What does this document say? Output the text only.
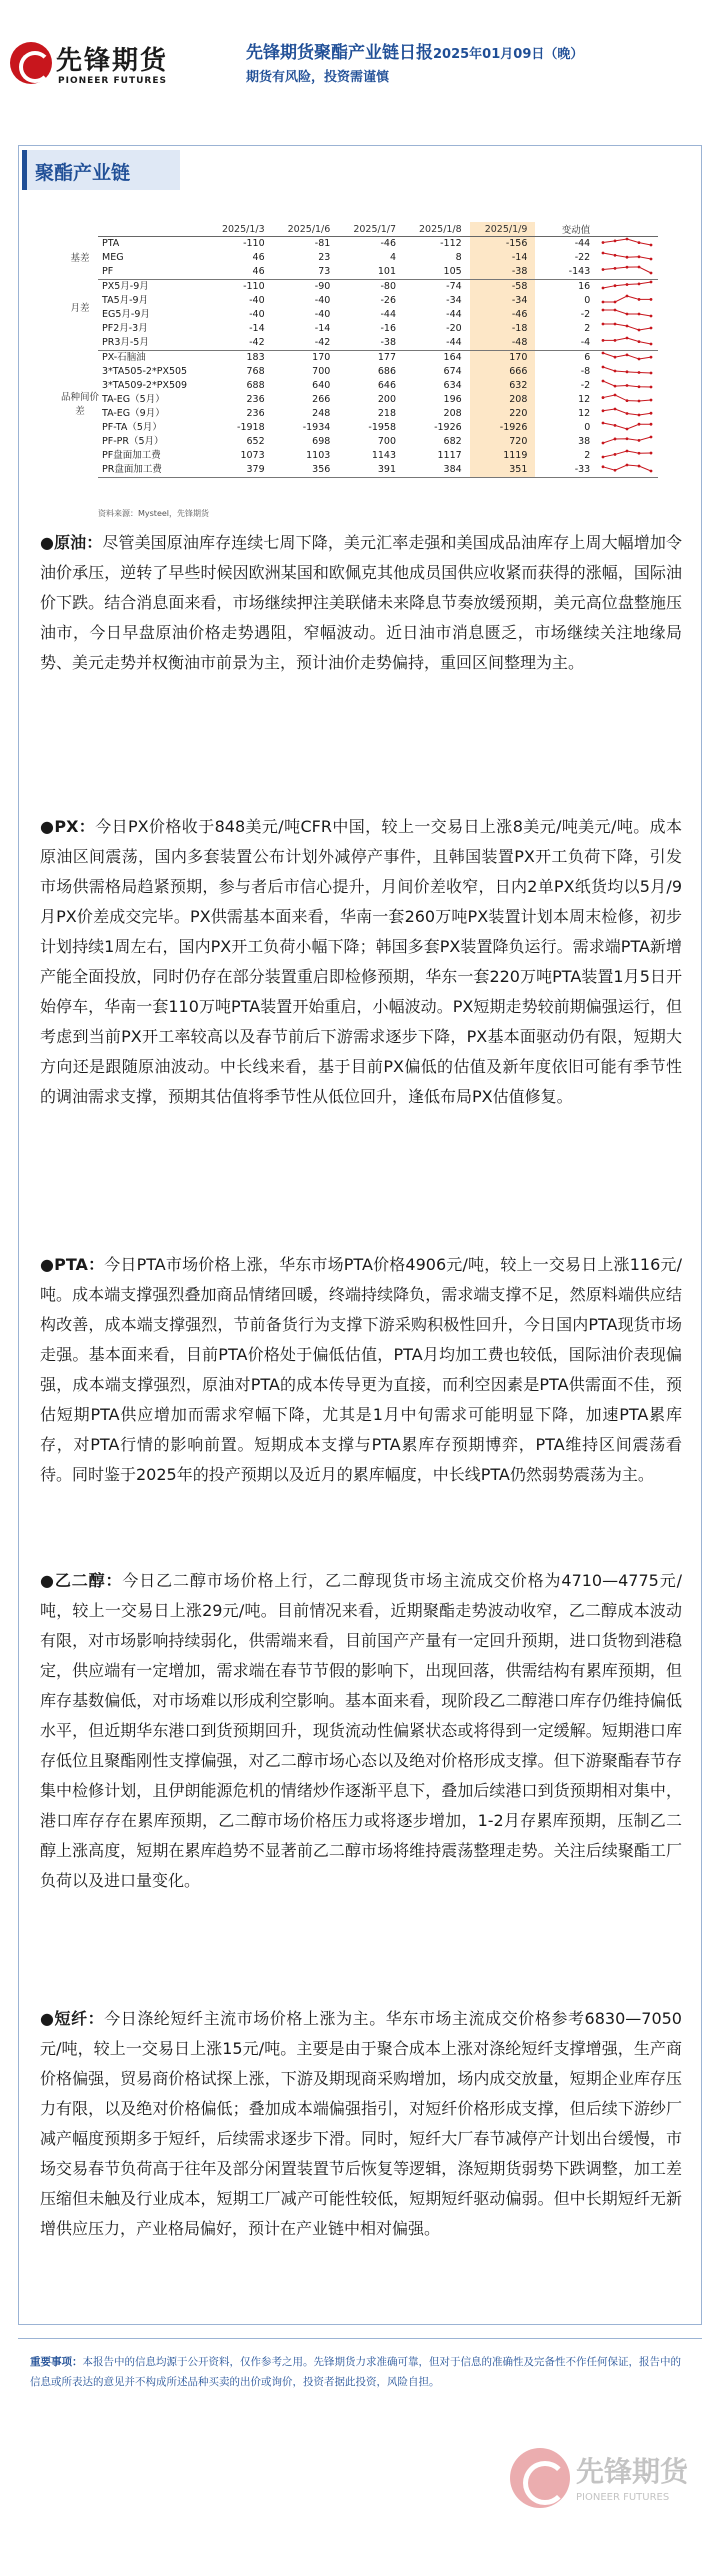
先锋期货
PIONEER FUTURES
先锋期货聚酯产业链日报2025年01月09日（晚）
期货有风险，投资需谨慎
聚酯产业链
基差
月差
品种间价差
	2025/1/3	2025/1/6	2025/1/7	2025/1/8	2025/1/9	变动值	
PTA	-110	-81	-46	-112	-156	-44	
MEG	46	23	4	8	-14	-22	
PF	46	73	101	105	-38	-143	
PX5月-9月	-110	-90	-80	-74	-58	16	
TA5月-9月	-40	-40	-26	-34	-34	0	
EG5月-9月	-40	-40	-44	-44	-46	-2	
PF2月-3月	-14	-14	-16	-20	-18	2	
PR3月-5月	-42	-42	-38	-44	-48	-4	
PX-石脑油	183	170	177	164	170	6	
3*TA505-2*PX505	768	700	686	674	666	-8	
3*TA509-2*PX509	688	640	646	634	632	-2	
TA-EG（5月）	236	266	200	196	208	12	
TA-EG（9月）	236	248	218	208	220	12	
PF-TA（5月）	-1918	-1934	-1958	-1926	-1926	0	
PF-PR（5月）	652	698	700	682	720	38	
PF盘面加工费	1073	1103	1143	1117	1119	2	
PR盘面加工费	379	356	391	384	351	-33	
资料来源：Mysteel，先锋期货
●原油：尽管美国原油库存连续七周下降，美元汇率走强和美国成品油库存上周大幅增加令油价承压，逆转了早些时候因欧洲某国和欧佩克其他成员国供应收紧而获得的涨幅，国际油价下跌。结合消息面来看，市场继续押注美联储未来降息节奏放缓预期，美元高位盘整施压油市，今日早盘原油价格走势遇阻，窄幅波动。近日油市消息匮乏，市场继续关注地缘局势、美元走势并权衡油市前景为主，预计油价走势偏持，重回区间整理为主。
●PX：今日PX价格收于848美元/吨CFR中国，较上一交易日上涨8美元/吨美元/吨。成本原油区间震荡，国内多套装置公布计划外减停产事件，且韩国装置PX开工负荷下降，引发市场供需格局趋紧预期，参与者后市信心提升，月间价差收窄，日内2单PX纸货均以5月/9月PX价差成交完毕。PX供需基本面来看，华南一套260万吨PX装置计划本周末检修，初步计划持续1周左右，国内PX开工负荷小幅下降；韩国多套PX装置降负运行。需求端PTA新增产能全面投放，同时仍存在部分装置重启即检修预期，华东一套220万吨PTA装置1月5日开始停车，华南一套110万吨PTA装置开始重启，小幅波动。PX短期走势较前期偏强运行，但考虑到当前PX开工率较高以及春节前后下游需求逐步下降，PX基本面驱动仍有限，短期大方向还是跟随原油波动。中长线来看，基于目前PX偏低的估值及新年度依旧可能有季节性的调油需求支撑，预期其估值将季节性从低位回升，逢低布局PX估值修复。
●PTA：今日PTA市场价格上涨，华东市场PTA价格4906元/吨，较上一交易日上涨116元/吨。成本端支撑强烈叠加商品情绪回暖，终端持续降负，需求端支撑不足，然原料端供应结构改善，成本端支撑强烈，节前备货行为支撑下游采购积极性回升，今日国内PTA现货市场走强。基本面来看，目前PTA价格处于偏低估值，PTA月均加工费也较低，国际油价表现偏强，成本端支撑强烈，原油对PTA的成本传导更为直接，而利空因素是PTA供需面不佳，预估短期PTA供应增加而需求窄幅下降，尤其是1月中旬需求可能明显下降，加速PTA累库存，对PTA行情的影响前置。短期成本支撑与PTA累库存预期博弈，PTA维持区间震荡看待。同时鉴于2025年的投产预期以及近月的累库幅度，中长线PTA仍然弱势震荡为主。
●乙二醇：今日乙二醇市场价格上行，乙二醇现货市场主流成交价格为4710—4775元/吨，较上一交易日上涨29元/吨。目前情况来看，近期聚酯走势波动收窄，乙二醇成本波动有限，对市场影响持续弱化，供需端来看，目前国产产量有一定回升预期，进口货物到港稳定，供应端有一定增加，需求端在春节节假的影响下，出现回落，供需结构有累库预期，但库存基数偏低，对市场难以形成利空影响。基本面来看，现阶段乙二醇港口库存仍维持偏低水平，但近期华东港口到货预期回升，现货流动性偏紧状态或将得到一定缓解。短期港口库存低位且聚酯刚性支撑偏强，对乙二醇市场心态以及绝对价格形成支撑。但下游聚酯春节存集中检修计划，且伊朗能源危机的情绪炒作逐渐平息下，叠加后续港口到货预期相对集中，港口库存存在累库预期，乙二醇市场价格压力或将逐步增加，1-2月存累库预期，压制乙二醇上涨高度，短期在累库趋势不显著前乙二醇市场将维持震荡整理走势。关注后续聚酯工厂负荷以及进口量变化。
●短纤：今日涤纶短纤主流市场价格上涨为主。华东市场主流成交价格参考6830—7050元/吨，较上一交易日上涨15元/吨。主要是由于聚合成本上涨对涤纶短纤支撑增强，生产商价格偏强，贸易商价格试探上涨，下游及期现商采购增加，场内成交放量，短期企业库存压力有限，以及绝对价格偏低；叠加成本端偏强指引，对短纤价格形成支撑，但后续下游纱厂减产幅度预期多于短纤，后续需求逐步下滑。同时，短纤大厂春节减停产计划出台缓慢，市场交易春节负荷高于往年及部分闲置装置节后恢复等逻辑，涤短期货弱势下跌调整，加工差压缩但未触及行业成本，短期工厂减产可能性较低，短期短纤驱动偏弱。但中长期短纤无新增供应压力，产业格局偏好，预计在产业链中相对偏强。
重要事项：本报告中的信息均源于公开资料，仅作参考之用。先锋期货力求准确可靠，但对于信息的准确性及完备性不作任何保证，报告中的信息或所表达的意见并不构成所述品种买卖的出价或询价，投资者据此投资，风险自担。
先锋期货
PIONEER FUTURES
